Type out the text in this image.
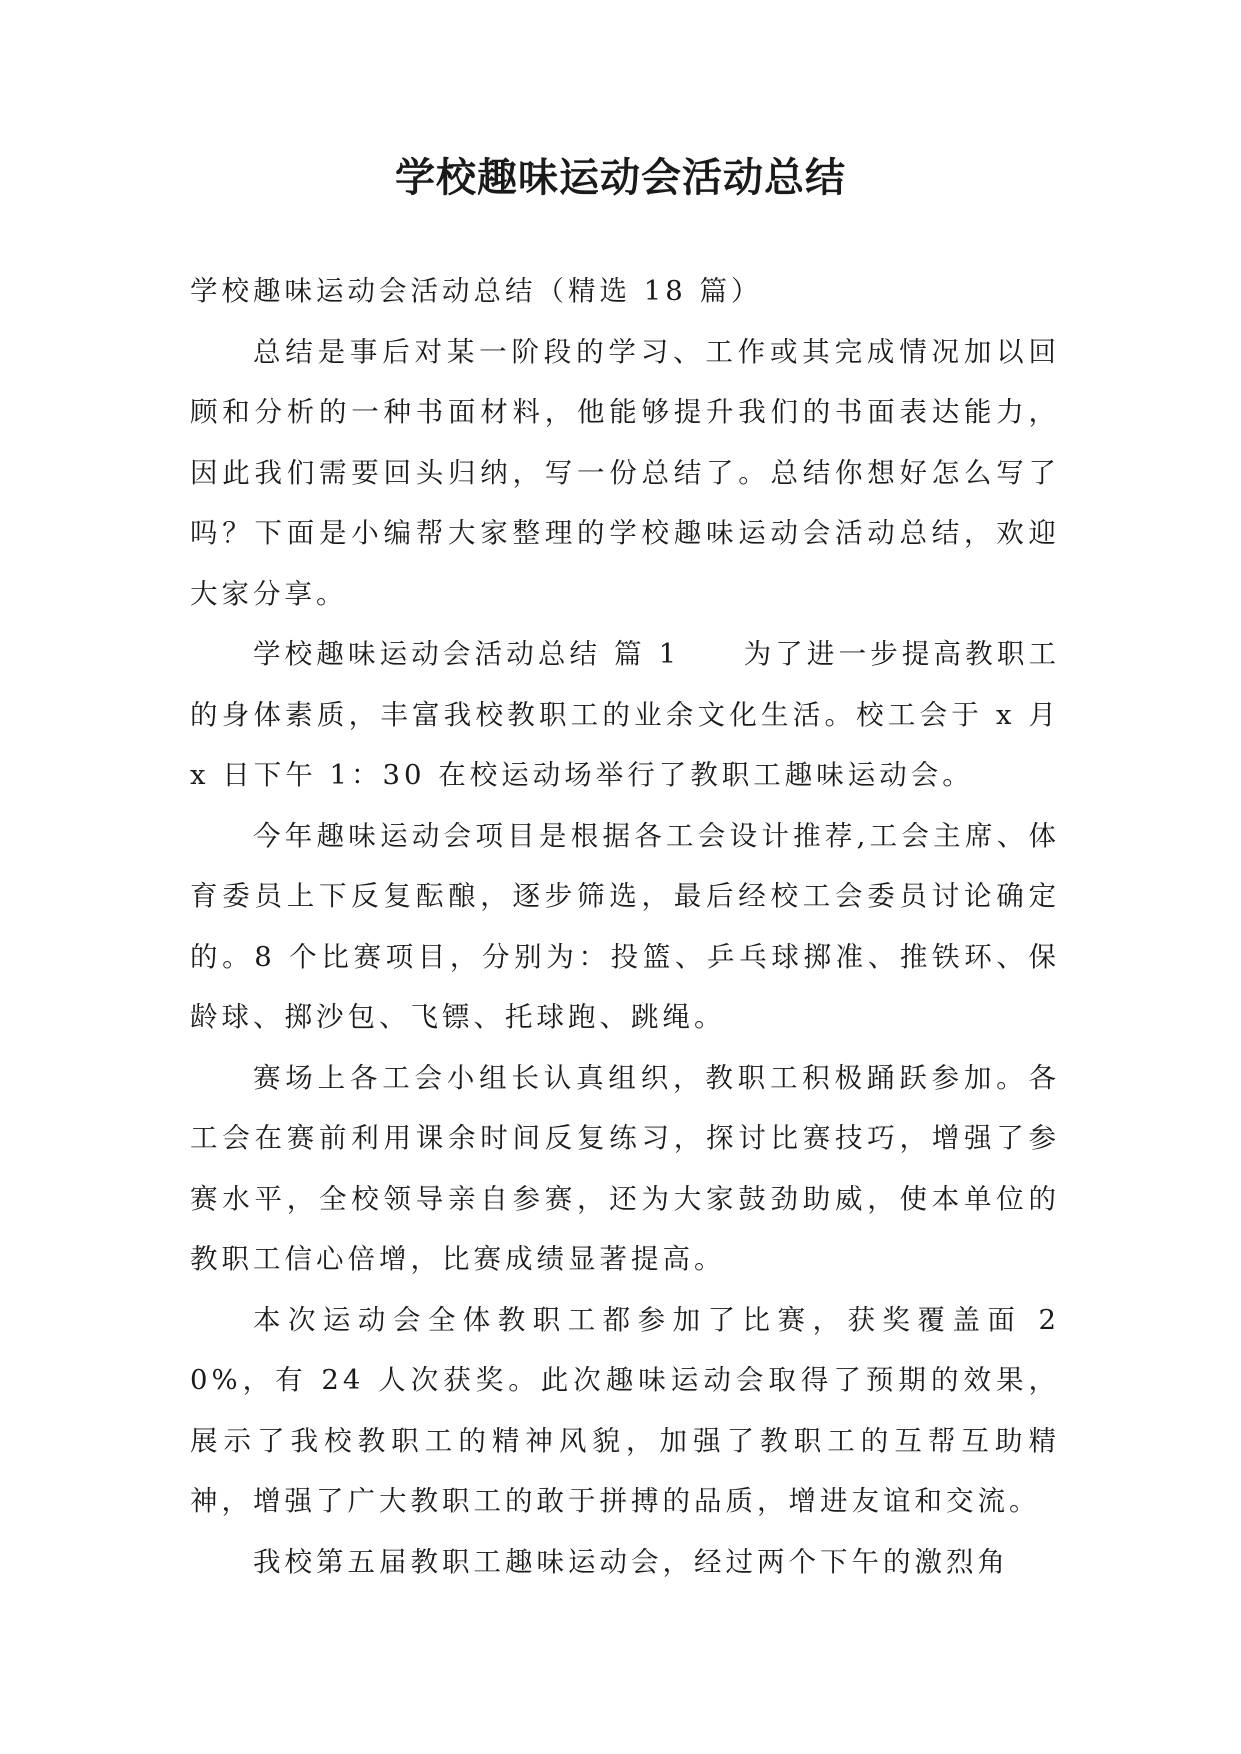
学校趣味运动会活动总结

学校趣味运动会活动总结（精选 18 篇）

总结是事后对某一阶段的学习、工作或其完成情况加以回顾和分析的一种书面材料，他能够提升我们的书面表达能力，因此我们需要回头归纳，写一份总结了。总结你想好怎么写了吗？下面是小编帮大家整理的学校趣味运动会活动总结，欢迎大家分享。

学校趣味运动会活动总结 篇 1　　为了进一步提高教职工的身体素质，丰富我校教职工的业余文化生活。校工会于 x 月 x 日下午 1：30 在校运动场举行了教职工趣味运动会。

今年趣味运动会项目是根据各工会设计推荐,工会主席、体育委员上下反复酝酿，逐步筛选，最后经校工会委员讨论确定的。8 个比赛项目，分别为：投篮、乒乓球掷准、推铁环、保龄球、掷沙包、飞镖、托球跑、跳绳。

赛场上各工会小组长认真组织，教职工积极踊跃参加。各工会在赛前利用课余时间反复练习，探讨比赛技巧，增强了参赛水平，全校领导亲自参赛，还为大家鼓劲助威，使本单位的教职工信心倍增，比赛成绩显著提高。

本次运动会全体教职工都参加了比赛，获奖覆盖面 20%，有 24 人次获奖。此次趣味运动会取得了预期的效果，展示了我校教职工的精神风貌，加强了教职工的互帮互助精神，增强了广大教职工的敢于拼搏的品质，增进友谊和交流。

我校第五届教职工趣味运动会，经过两个下午的激烈角
